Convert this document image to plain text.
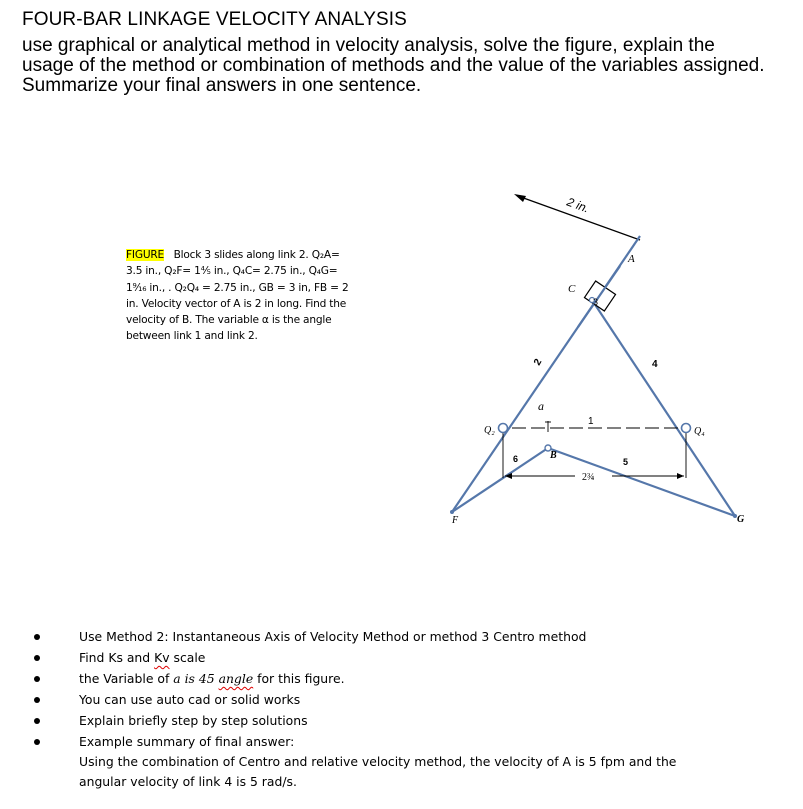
FOUR-BAR LINKAGE VELOCITY ANALYSIS
use graphical or analytical method in velocity analysis, solve the figure, explain the
usage of the method or combination of methods and the value of the variables assigned.
Summarize your final answers in one sentence.
FIGURE Block 3 slides along link 2. Q₂A=
3.5 in., Q₂F= 1⅘ in., Q₄C= 2.75 in., Q₄G=
1⁹⁄₁₆ in., . Q₂Q₄ = 2.75 in., GB = 3 in, FB = 2
in. Velocity vector of A is 2 in long. Find the
velocity of B. The variable α is the angle
between link 1 and link 2.
2 in.
2¾
A
C
3
2	4
a
1
Q₂	Q₄
6	B
5
F	G
Use Method 2: Instantaneous Axis of Velocity Method or method 3 Centro method
Find Ks and Kv scale
the Variable of a is 45 angle for this figure.
You can use auto cad or solid works
Explain briefly step by step solutions
Example summary of final answer:
Using the combination of Centro and relative velocity method, the velocity of A is 5 fpm and the
angular velocity of link 4 is 5 rad/s.
